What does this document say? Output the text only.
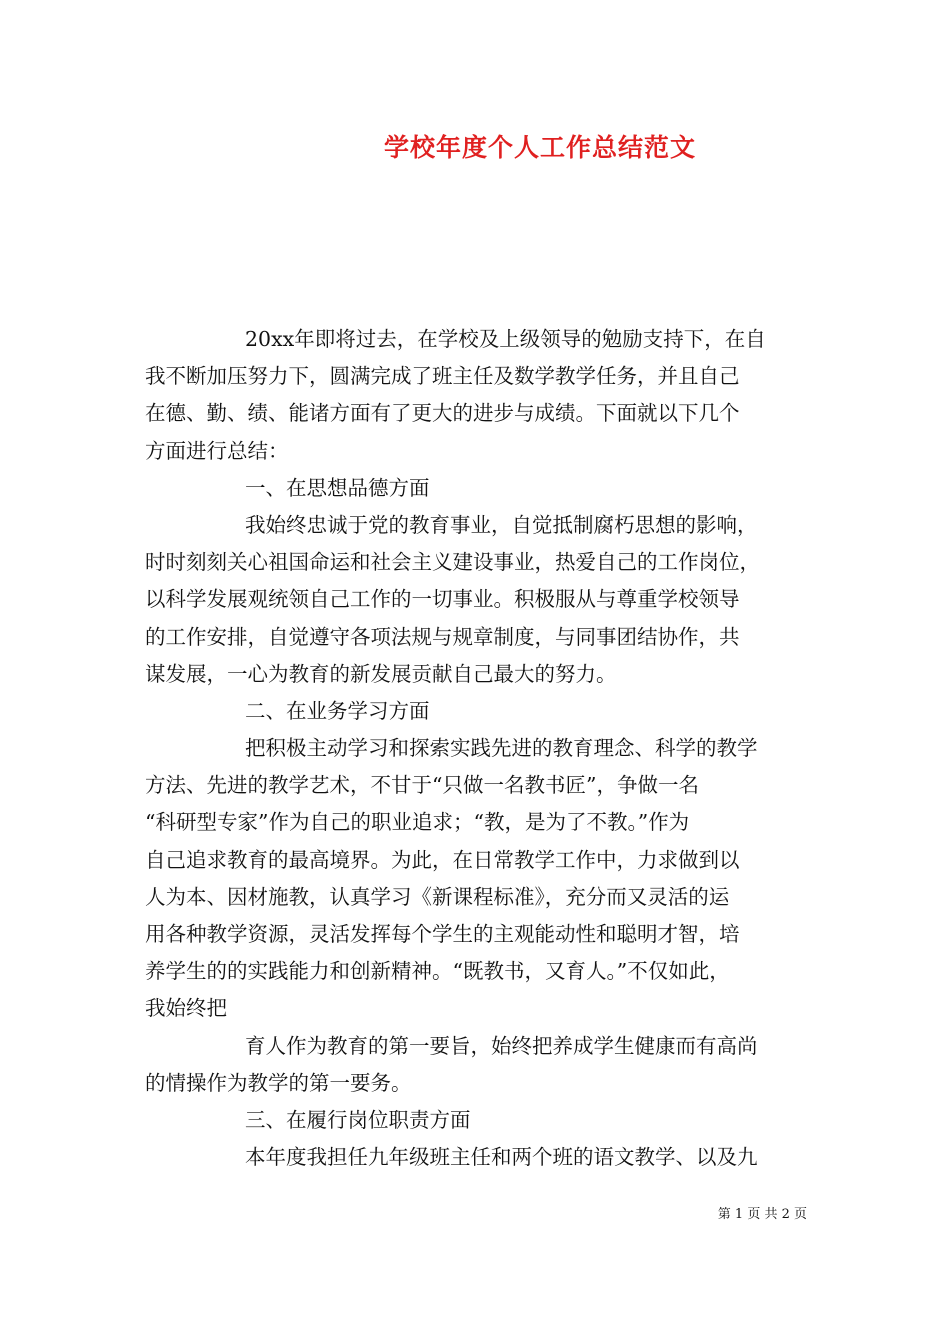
学校年度个人工作总结范文
20xx年即将过去，在学校及上级领导的勉励支持下，在自
我不断加压努力下，圆满完成了班主任及数学教学任务，并且自己
在德、勤、绩、能诸方面有了更大的进步与成绩。下面就以下几个
方面进行总结：
一、在思想品德方面
我始终忠诚于党的教育事业，自觉抵制腐朽思想的影响，
时时刻刻关心祖国命运和社会主义建设事业，热爱自己的工作岗位，
以科学发展观统领自己工作的一切事业。积极服从与尊重学校领导
的工作安排，自觉遵守各项法规与规章制度，与同事团结协作，共
谋发展，一心为教育的新发展贡献自己最大的努力。
二、在业务学习方面
把积极主动学习和探索实践先进的教育理念、科学的教学
方法、先进的教学艺术，不甘于“只做一名教书匠”，争做一名
“科研型专家”作为自己的职业追求；“教，是为了不教。”作为
自己追求教育的最高境界。为此，在日常教学工作中，力求做到以
人为本、因材施教，认真学习《新课程标准》，充分而又灵活的运
用各种教学资源，灵活发挥每个学生的主观能动性和聪明才智，培
养学生的的实践能力和创新精神。“既教书，又育人。”不仅如此，
我始终把
育人作为教育的第一要旨，始终把养成学生健康而有高尚
的情操作为教学的第一要务。
三、在履行岗位职责方面
本年度我担任九年级班主任和两个班的语文教学、以及九
第 1 页 共 2 页
